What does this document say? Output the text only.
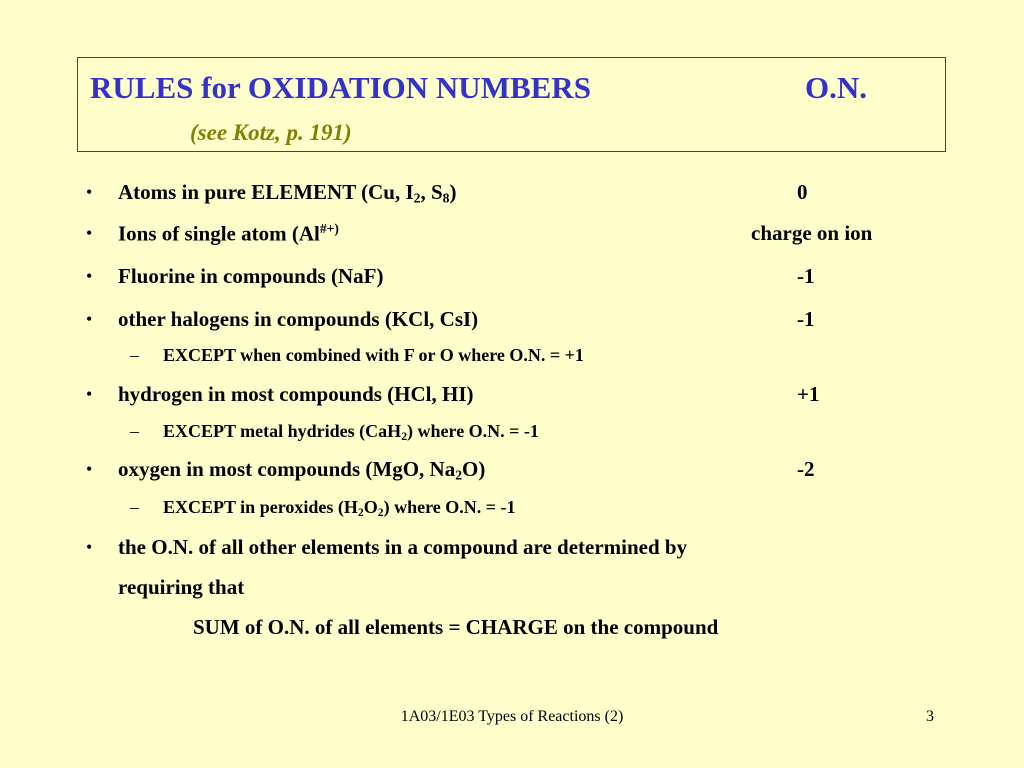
RULES for OXIDATION NUMBERS	O.N.
(see Kotz, p. 191)
• Atoms in pure ELEMENT (Cu, $I_2$, $S_8$)	0
• Ions of single atom (Al#+)	charge on ion
• Fluorine in compounds (NaF)	-1
• other halogens in compounds (KCl, CsI)	-1
– EXCEPT when combined with F or O where O.N. = +1
• hydrogen in most compounds (HCl, HI)	+1
– EXCEPT metal hydrides (CaH$_2$) where O.N. = -1
• oxygen in most compounds (MgO, $Na_2O$)	-2
– EXCEPT in peroxides $(H_2O_2)$ where O.N. = -1
• the O.N. of all other elements in a compound are determined by
requiring that
SUM of O.N. of all elements = CHARGE on the compound
1A03/1E03 Types of Reactions (2)	3
